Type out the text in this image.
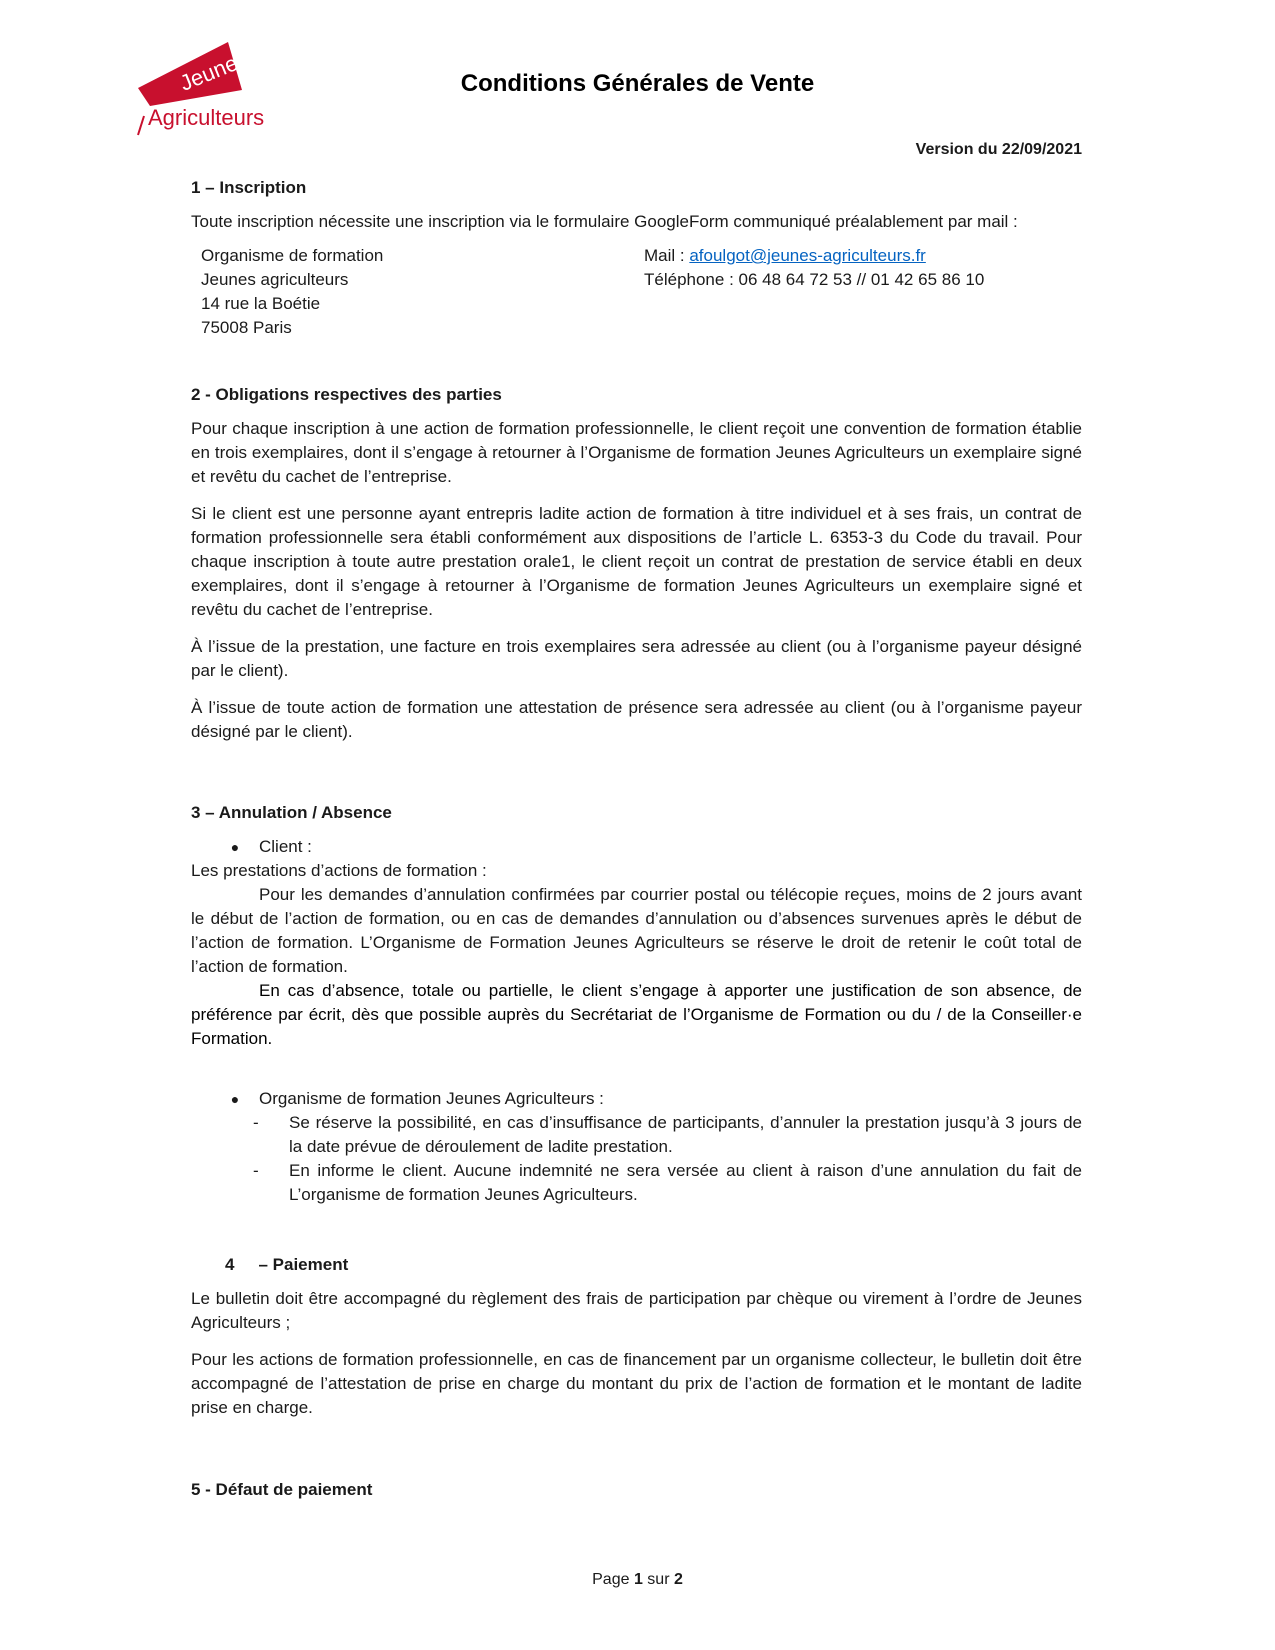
Jeunes
Agriculteurs
Conditions Générales de Vente
Version du 22/09/2021
1 – Inscription

Toute inscription nécessite une inscription via le formulaire GoogleForm communiqué préalablement par mail :

Organisme de formation
Jeunes agriculteurs
14 rue la Boétie
75008 Paris
Mail : afoulgot@jeunes-agriculteurs.fr
Téléphone : 06 48 64 72 53 // 01 42 65 86 10
2 - Obligations respectives des parties

Pour chaque inscription à une action de formation professionnelle, le client reçoit une convention de formation établie en trois exemplaires, dont il s’engage à retourner à l’Organisme de formation Jeunes Agriculteurs un exemplaire signé et revêtu du cachet de l’entreprise.

Si le client est une personne ayant entrepris ladite action de formation à titre individuel et à ses frais, un contrat de formation professionnelle sera établi conformément aux dispositions de l’article L. 6353-3 du Code du travail. Pour chaque inscription à toute autre prestation orale1, le client reçoit un contrat de prestation de service établi en deux exemplaires, dont il s’engage à retourner à l’Organisme de formation Jeunes Agriculteurs un exemplaire signé et revêtu du cachet de l’entreprise.

À l’issue de la prestation, une facture en trois exemplaires sera adressée au client (ou à l’organisme payeur désigné par le client).

À l’issue de toute action de formation une attestation de présence sera adressée au client (ou à l’organisme payeur désigné par le client).

3 – Annulation / Absence
●	Client :

Les prestations d’actions de formation :

Pour les demandes d’annulation confirmées par courrier postal ou télécopie reçues, moins de 2 jours avant le début de l’action de formation, ou en cas de demandes d’annulation ou d’absences survenues après le début de l’action de formation. L’Organisme de Formation Jeunes Agriculteurs se réserve le droit de retenir le coût total de l’action de formation.

En cas d’absence, totale ou partielle, le client s’engage à apporter une justification de son absence, de préférence par écrit, dès que possible auprès du Secrétariat de l’Organisme de Formation ou du / de la Conseiller·e Formation.

●	Organisme de formation Jeunes Agriculteurs :
-	Se réserve la possibilité, en cas d’insuffisance de participants, d’annuler la prestation jusqu’à 3 jours de la date prévue de déroulement de ladite prestation.
-	En informe le client. Aucune indemnité ne sera versée au client à raison d’une annulation du fait de L’organisme de formation Jeunes Agriculteurs.
4 – Paiement

Le bulletin doit être accompagné du règlement des frais de participation par chèque ou virement à l’ordre de Jeunes Agriculteurs ;

Pour les actions de formation professionnelle, en cas de financement par un organisme collecteur, le bulletin doit être accompagné de l’attestation de prise en charge du montant du prix de l’action de formation et le montant de ladite prise en charge.

5 - Défaut de paiement
Page 1 sur 2
